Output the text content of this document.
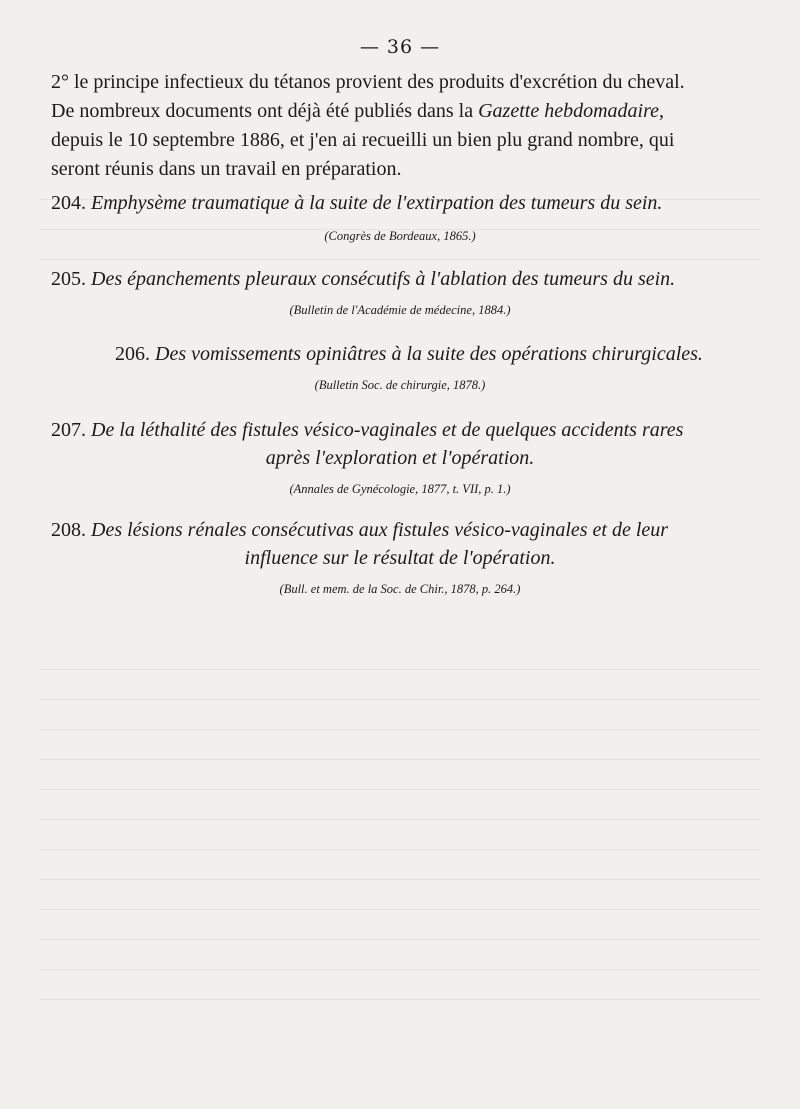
— 36 —
2° le principe infectieux du tétanos provient des produits d'excrétion du cheval.
De nombreux documents ont déjà été publiés dans la Gazette hebdomadaire,
depuis le 10 septembre 1886, et j'en ai recueilli un bien plu grand nombre, qui
seront réunis dans un travail en préparation.
204. Emphysème traumatique à la suite de l'extirpation des tumeurs du sein.
(Congrès de Bordeaux, 1865.)
205. Des épanchements pleuraux consécutifs à l'ablation des tumeurs du sein.
(Bulletin de l'Académie de médecine, 1884.)
206. Des vomissements opiniâtres à la suite des opérations chirurgicales.
(Bulletin Soc. de chirurgie, 1878.)
207. De la léthalité des fistules vésico-vaginales et de quelques accidents rares
après l'exploration et l'opération.
(Annales de Gynécologie, 1877, t. VII, p. 1.)
208. Des lésions rénales consécutivas aux fistules vésico-vaginales et de leur
influence sur le résultat de l'opération.
(Bull. et mem. de la Soc. de Chir., 1878, p. 264.)
